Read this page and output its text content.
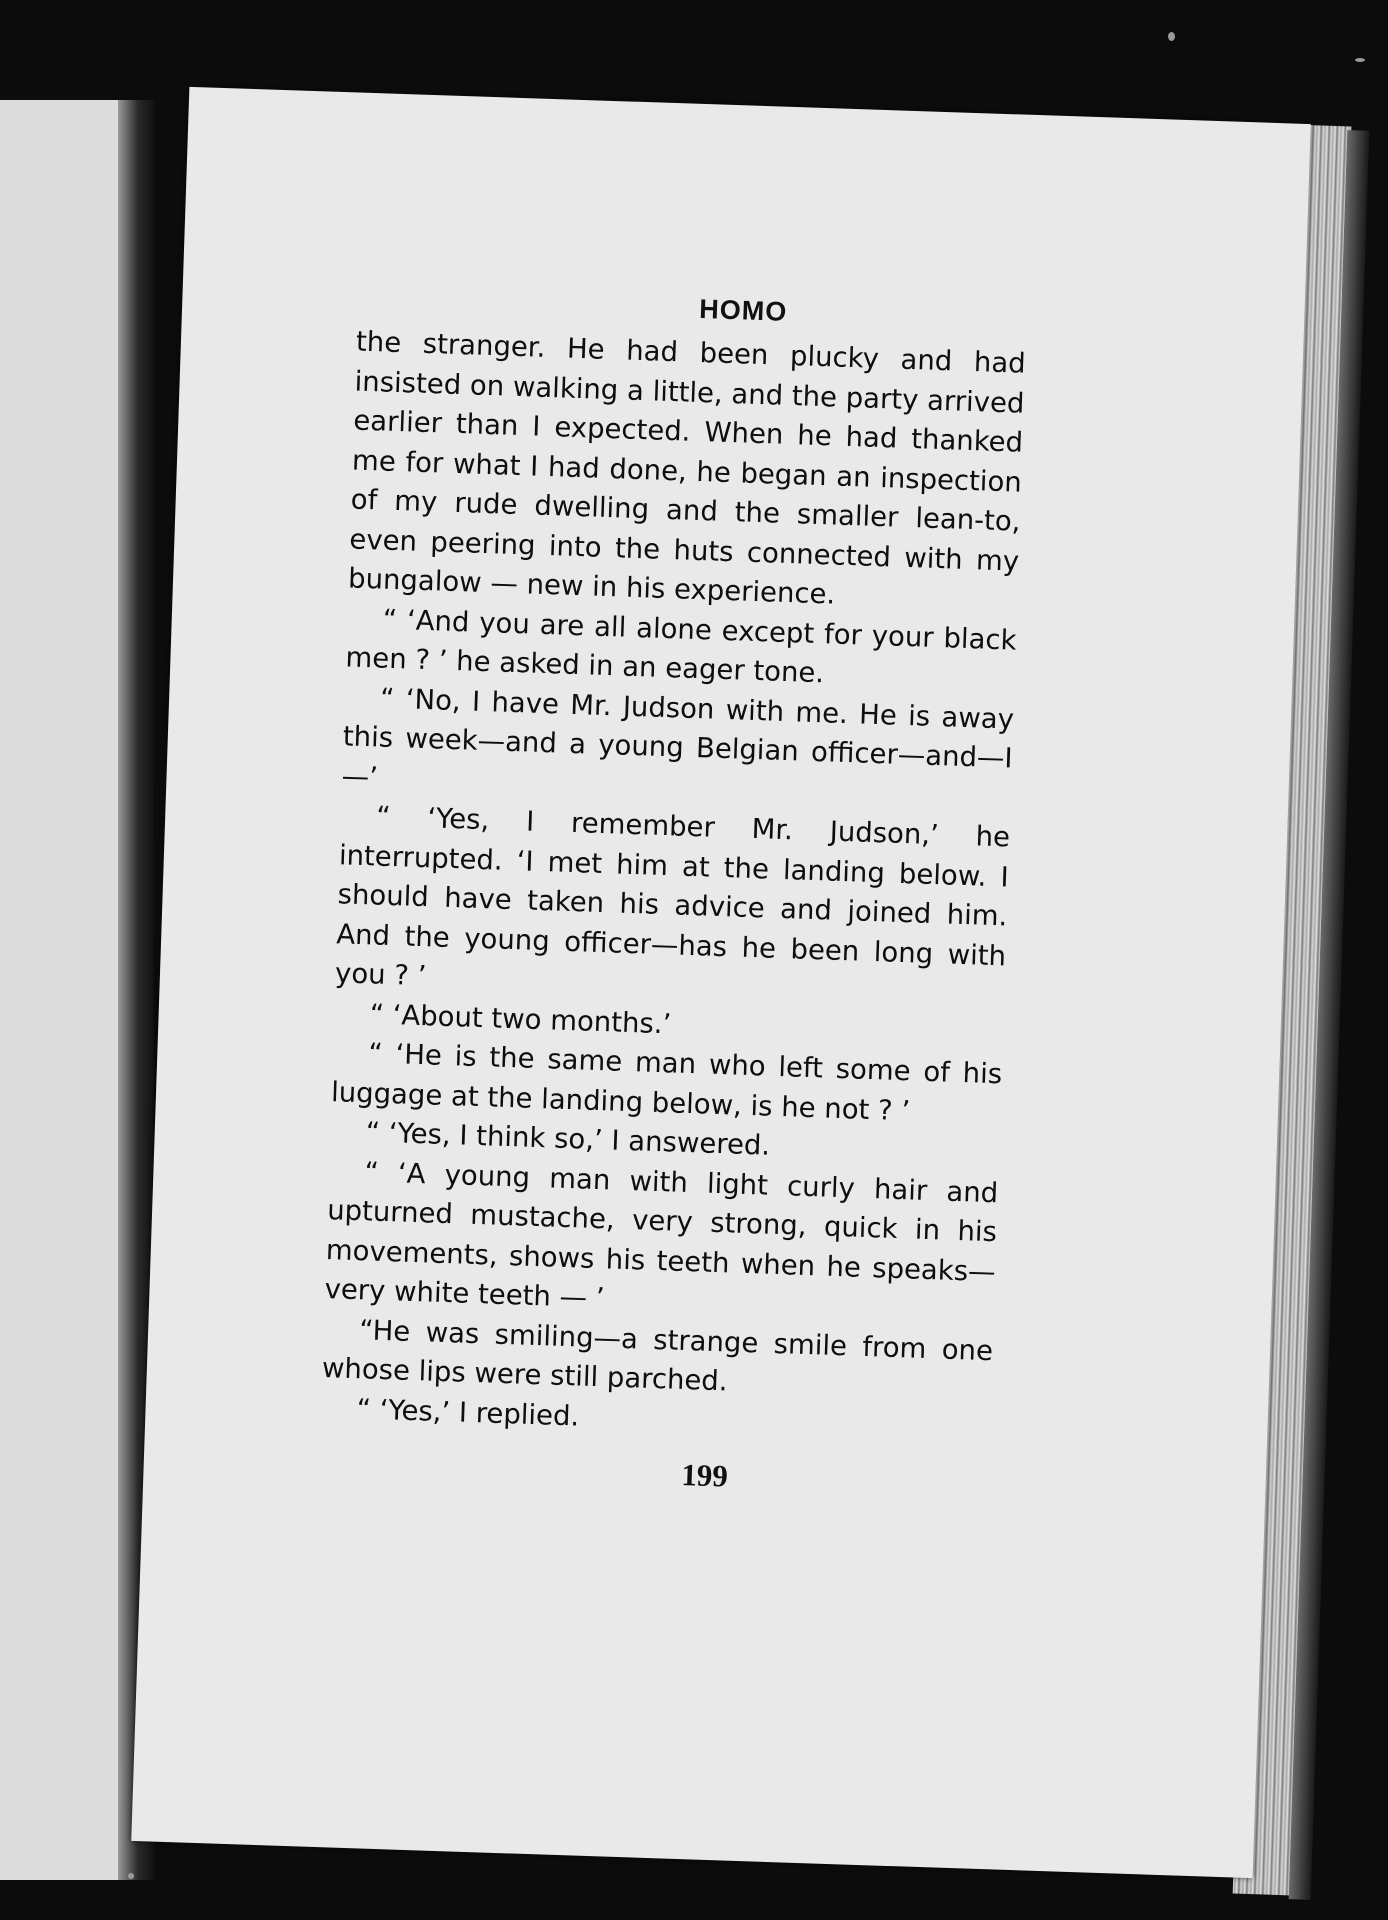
HOMO

the stranger. He had been plucky and had insisted on walking a little, and the party arrived earlier than I expected. When he had thanked me for what I had done, he began an inspection of my rude dwelling and the smaller lean-to, even peering into the huts connected with my bungalow — new in his experience.

“ ‘And you are all alone except for your black men ? ’ he asked in an eager tone.

“ ‘No, I have Mr. Judson with me. He is away this week—and a young Belgian officer—and—I—’

“ ‘Yes, I remember Mr. Judson,’ he interrupted. ‘I met him at the landing below. I should have taken his advice and joined him. And the young officer—has he been long with you ? ’

“ ‘About two months.’

“ ‘He is the same man who left some of his luggage at the landing below, is he not ? ’

“ ‘Yes, I think so,’ I answered.

“ ‘A young man with light curly hair and upturned mustache, very strong, quick in his movements, shows his teeth when he speaks—very white teeth — ’

“He was smiling—a strange smile from one whose lips were still parched.

“ ‘Yes,’ I replied.

199
